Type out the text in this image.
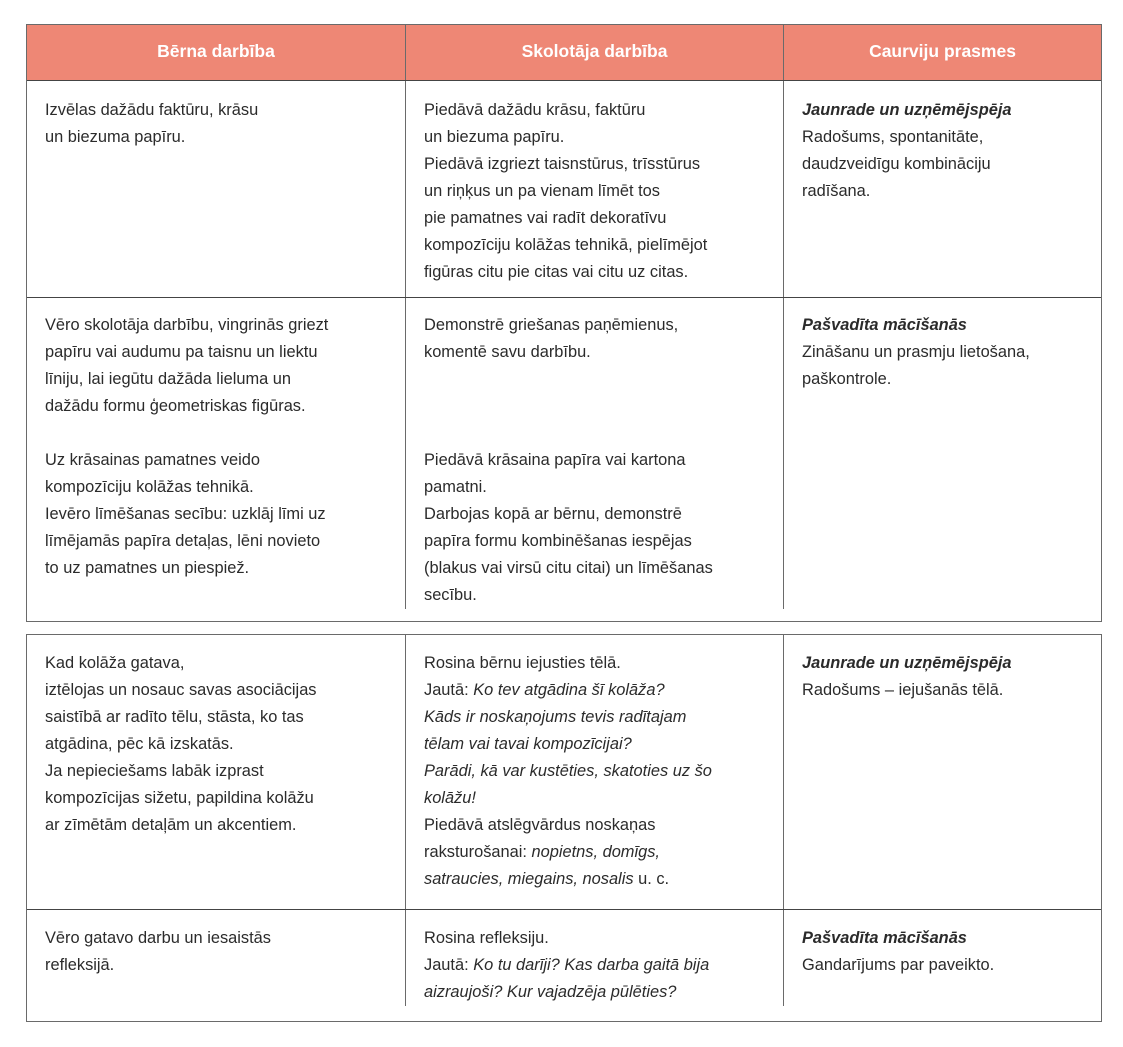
Bērna darbība	Skolotāja darbība	Caurviju prasmes

Izvēlas dažādu faktūru, krāsu

un biezuma papīru.

Piedāvā dažādu krāsu, faktūru

un biezuma papīru.

Piedāvā izgriezt taisnstūrus, trīsstūrus

un riņķus un pa vienam līmēt tos

pie pamatnes vai radīt dekoratīvu

kompozīciju kolāžas tehnikā, pielīmējot

figūras citu pie citas vai citu uz citas.

Jaunrade un uzņēmējspēja

Radošums, spontanitāte,

daudzveidīgu kombināciju

radīšana.

Vēro skolotāja darbību, vingrinās griezt

papīru vai audumu pa taisnu un liektu

līniju, lai iegūtu dažāda lieluma un

dažādu formu ģeometriskas figūras.

Uz krāsainas pamatnes veido

kompozīciju kolāžas tehnikā.

Ievēro līmēšanas secību: uzklāj līmi uz

līmējamās papīra detaļas, lēni novieto

to uz pamatnes un piespiež.

Demonstrē griešanas paņēmienus,

komentē savu darbību.

Piedāvā krāsaina papīra vai kartona

pamatni.

Darbojas kopā ar bērnu, demonstrē

papīra formu kombinēšanas iespējas

(blakus vai virsū citu citai) un līmēšanas

secību.

Pašvadīta mācīšanās

Zināšanu un prasmju lietošana,

paškontrole.

Kad kolāža gatava,

iztēlojas un nosauc savas asociācijas

saistībā ar radīto tēlu, stāsta, ko tas

atgādina, pēc kā izskatās.

Ja nepieciešams labāk izprast

kompozīcijas sižetu, papildina kolāžu

ar zīmētām detaļām un akcentiem.

Rosina bērnu iejusties tēlā.

Jautā: Ko tev atgādina šī kolāža?

Kāds ir noskaņojums tevis radītajam

tēlam vai tavai kompozīcijai?

Parādi, kā var kustēties, skatoties uz šo

kolāžu!

Piedāvā atslēgvārdus noskaņas

raksturošanai: nopietns, domīgs,

satraucies, miegains, nosalis u. c.

Jaunrade un uzņēmējspēja

Radošums – iejušanās tēlā.

Vēro gatavo darbu un iesaistās

refleksijā.

Rosina refleksiju.

Jautā: Ko tu darīji? Kas darba gaitā bija

aizraujoši? Kur vajadzēja pūlēties?

Pašvadīta mācīšanās

Gandarījums par paveikto.
